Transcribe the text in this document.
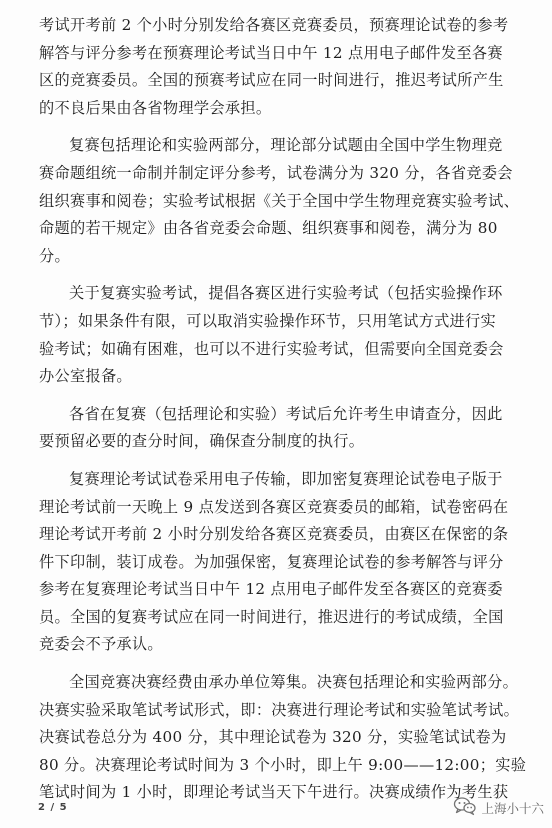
考试开考前 2 个小时分别发给各赛区竞赛委员，预赛理论试卷的参考
解答与评分参考在预赛理论考试当日中午 12 点用电子邮件发至各赛
区的竞赛委员。全国的预赛考试应在同一时间进行，推迟考试所产生
的不良后果由各省物理学会承担。

复赛包括理论和实验两部分，理论部分试题由全国中学生物理竞
赛命题组统一命制并制定评分参考，试卷满分为 320 分，各省竞委会
组织赛事和阅卷；实验考试根据《关于全国中学生物理竞赛实验考试、
命题的若干规定》由各省竞委会命题、组织赛事和阅卷，满分为 80
分。

关于复赛实验考试，提倡各赛区进行实验考试（包括实验操作环
节）；如果条件有限，可以取消实验操作环节，只用笔试方式进行实
验考试；如确有困难，也可以不进行实验考试，但需要向全国竞委会
办公室报备。

各省在复赛（包括理论和实验）考试后允许考生申请查分，因此
要预留必要的查分时间，确保查分制度的执行。

复赛理论考试试卷采用电子传输，即加密复赛理论试卷电子版于
理论考试前一天晚上 9 点发送到各赛区竞赛委员的邮箱，试卷密码在
理论考试开考前 2 小时分别发给各赛区竞赛委员，由赛区在保密的条
件下印制，装订成卷。为加强保密，复赛理论试卷的参考解答与评分
参考在复赛理论考试当日中午 12 点用电子邮件发至各赛区的竞赛委
员。全国的复赛考试应在同一时间进行，推迟进行的考试成绩，全国
竞委会不予承认。

全国竞赛决赛经费由承办单位筹集。决赛包括理论和实验两部分。
决赛实验采取笔试考试形式，即：决赛进行理论考试和实验笔试考试。
决赛试卷总分为 400 分，其中理论试卷为 320 分，实验笔试试卷为
80 分。决赛理论考试时间为 3 个小时，即上午 9:00——12:00；实验
笔试时间为 1 小时，即理论考试当天下午进行。决赛成绩作为考生获

2 / 5	上海小十六
